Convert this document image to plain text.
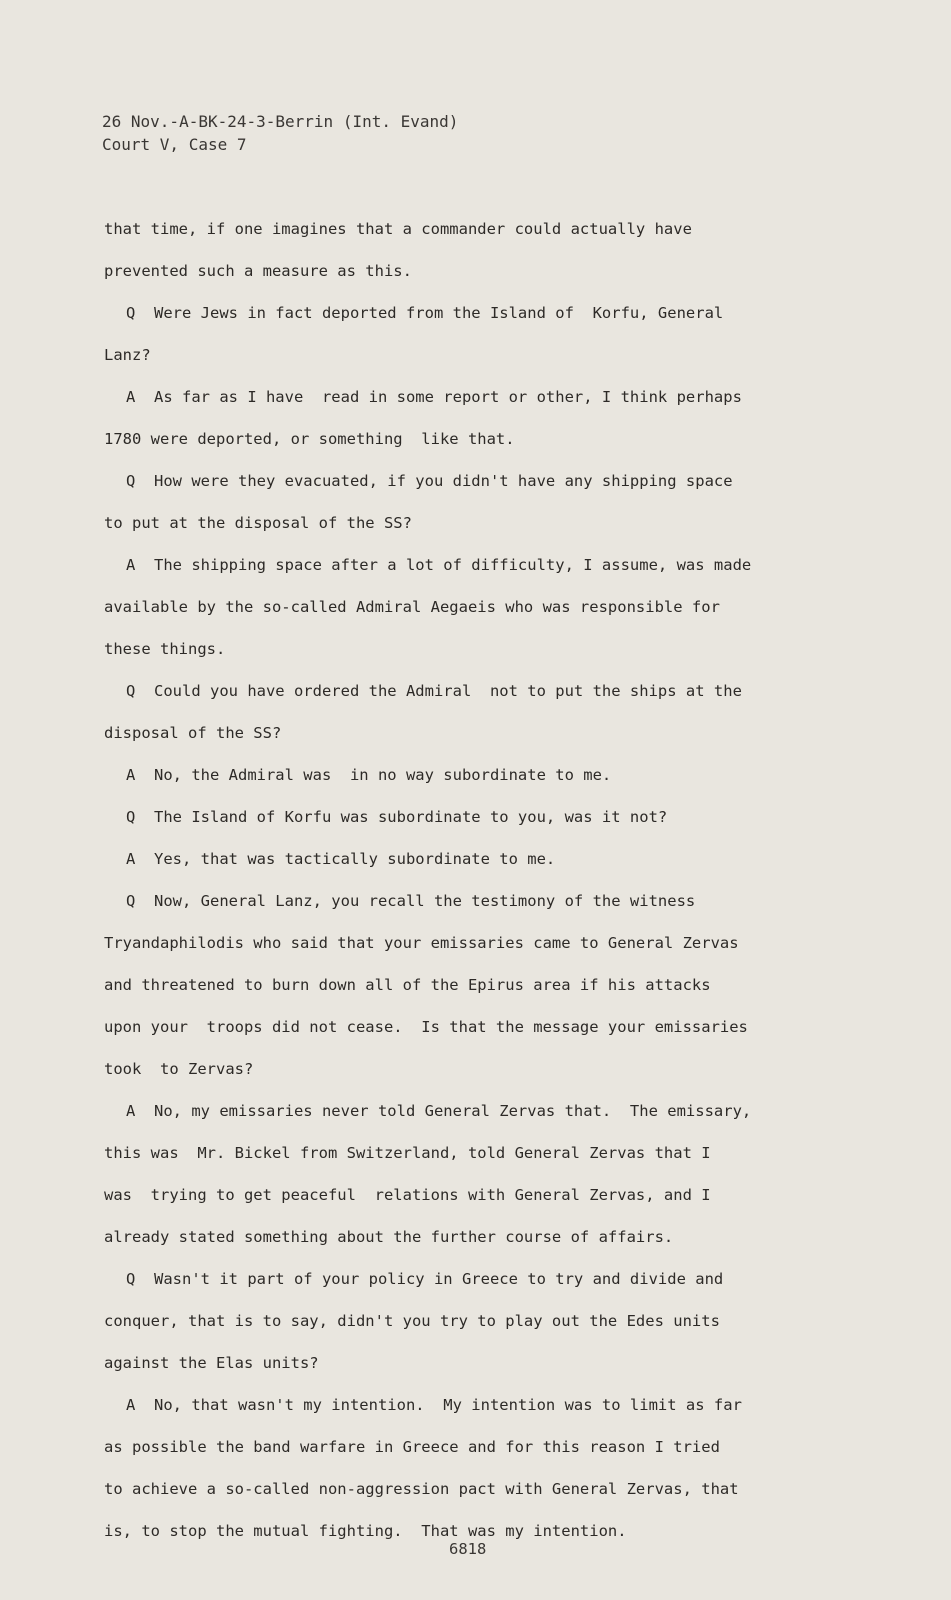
26 Nov.-A-BK-24-3-Berrin (Int. Evand)
Court V, Case 7
that time, if one imagines that a commander could actually have
prevented such a measure as this.
Q  Were Jews in fact deported from the Island of  Korfu, General
Lanz?
A  As far as I have  read in some report or other, I think perhaps
1780 were deported, or something  like that.
Q  How were they evacuated, if you didn't have any shipping space
to put at the disposal of the SS?
A  The shipping space after a lot of difficulty, I assume, was made
available by the so-called Admiral Aegaeis who was responsible for
these things.
Q  Could you have ordered the Admiral  not to put the ships at the
disposal of the SS?
A  No, the Admiral was  in no way subordinate to me.
Q  The Island of Korfu was subordinate to you, was it not?
A  Yes, that was tactically subordinate to me.
Q  Now, General Lanz, you recall the testimony of the witness
Tryandaphilodis who said that your emissaries came to General Zervas
and threatened to burn down all of the Epirus area if his attacks
upon your  troops did not cease.  Is that the message your emissaries
took  to Zervas?
A  No, my emissaries never told General Zervas that.  The emissary,
this was  Mr. Bickel from Switzerland, told General Zervas that I
was  trying to get peaceful  relations with General Zervas, and I
already stated something about the further course of affairs.
Q  Wasn't it part of your policy in Greece to try and divide and
conquer, that is to say, didn't you try to play out the Edes units
against the Elas units?
A  No, that wasn't my intention.  My intention was to limit as far
as possible the band warfare in Greece and for this reason I tried
to achieve a so-called non-aggression pact with General Zervas, that
is, to stop the mutual fighting.  That was my intention.
6818
